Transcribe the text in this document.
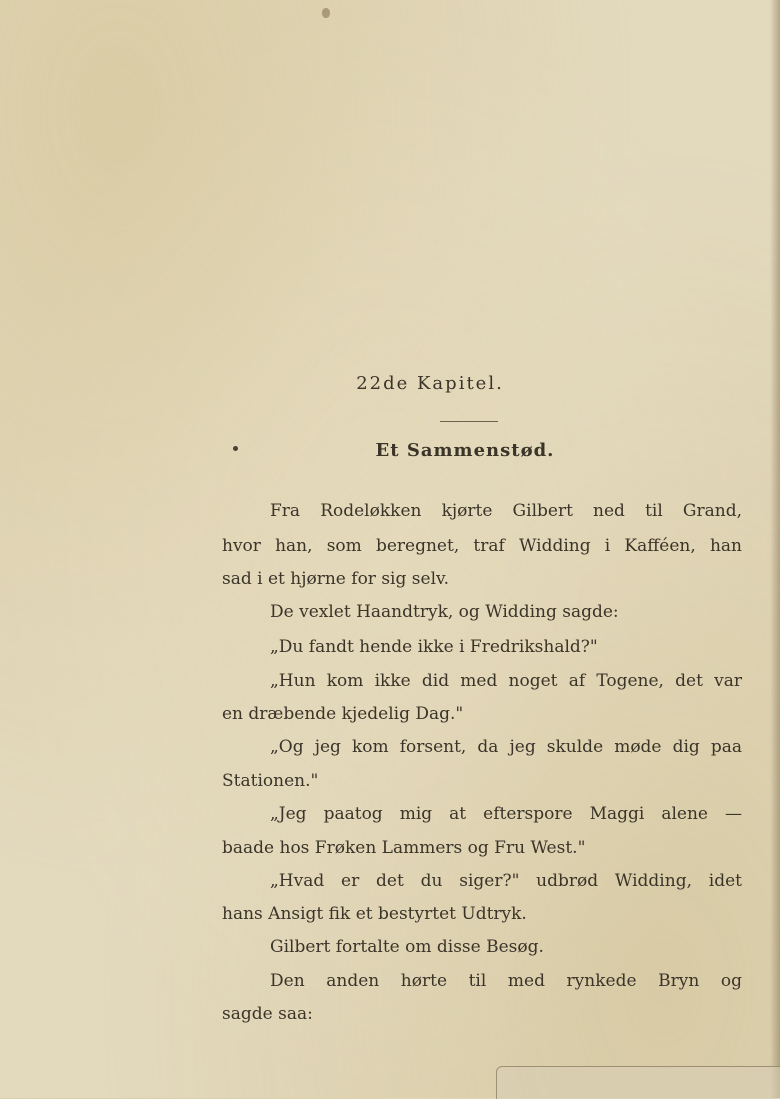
22de Kapitel.
Et Sammenstød.
Fra Rodeløkken kjørte Gilbert ned til Grand,
hvor han, som beregnet, traf Widding i Kafféen, han
sad i et hjørne for sig selv.
De vexlet Haandtryk, og Widding sagde:
„Du fandt hende ikke i Fredrikshald?"
„Hun kom ikke did med noget af Togene, det var
en dræbende kjedelig Dag."
„Og jeg kom forsent, da jeg skulde møde dig paa
Stationen."
„Jeg paatog mig at efterspore Maggi alene —
baade hos Frøken Lammers og Fru West."
„Hvad er det du siger?" udbrød Widding, idet
hans Ansigt fik et bestyrtet Udtryk.
Gilbert fortalte om disse Besøg.
Den anden hørte til med rynkede Bryn og
sagde saa:
